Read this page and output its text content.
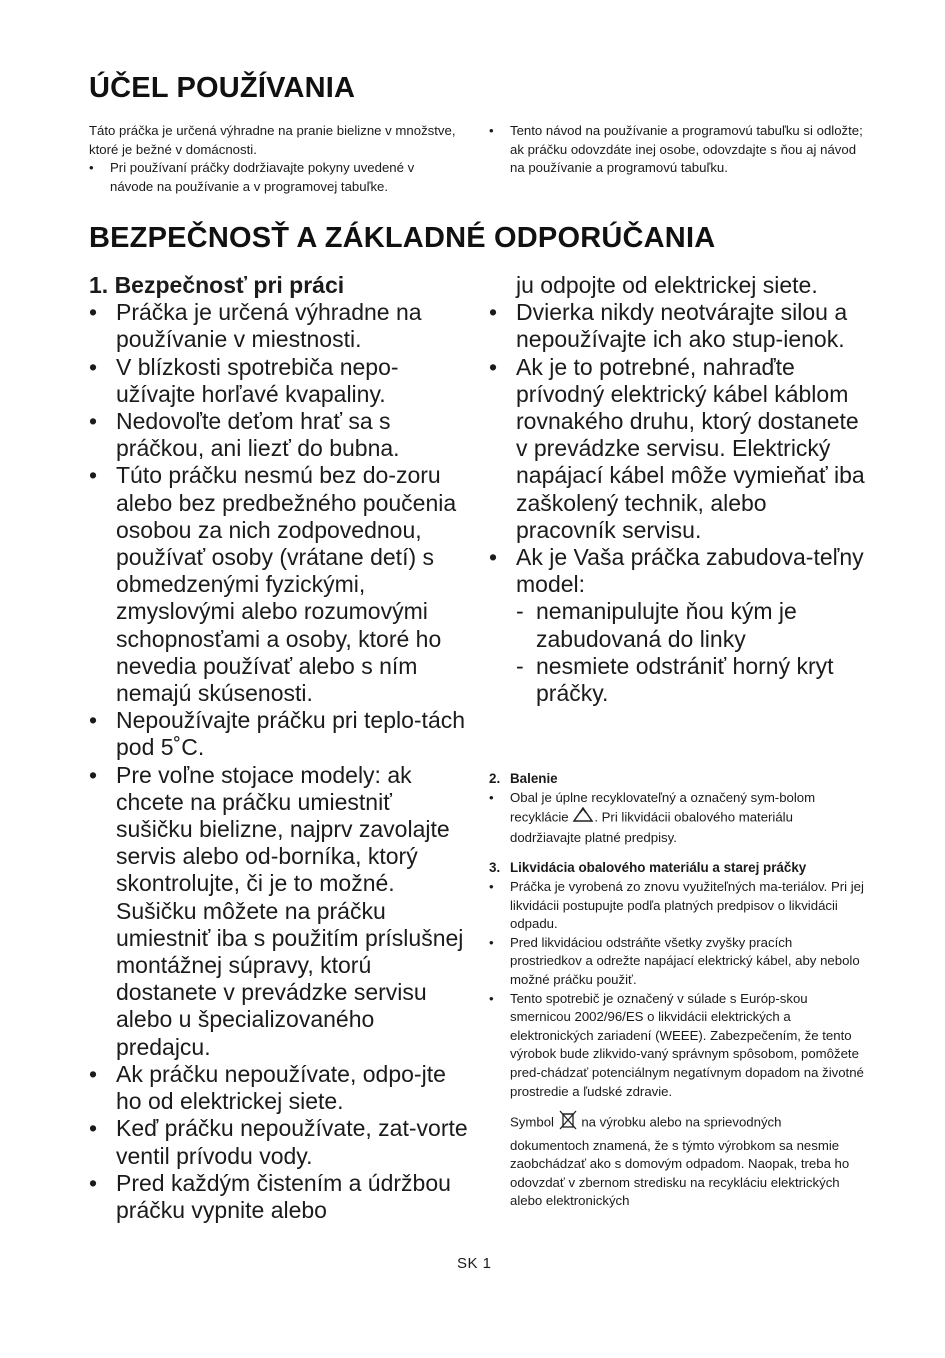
ÚČEL POUŽÍVANIA

Táto práčka je určená výhradne na pranie bielizne v množstve, ktoré je bežné v domácnosti.

• Pri používaní práčky dodržiavajte pokyny uvedené v návode na používanie a v programovej tabuľke.
• Tento návod na používanie a programovú tabuľku si odložte; ak práčku odovzdáte inej osobe, odovzdajte s ňou aj návod na používanie a programovú tabuľku.
BEZPEČNOSŤ A ZÁKLADNÉ ODPORÚČANIA
1. Bezpečnosť pri práci
• Práčka je určená výhradne na používanie v miestnosti.
• V blízkosti spotrebiča nepo-užívajte horľavé kvapaliny.
• Nedovoľte deťom hrať sa s práčkou, ani liezť do bubna.
• Túto práčku nesmú bez do-zoru alebo bez predbežného poučenia osobou za nich zodpovednou, používať osoby (vrátane detí) s obmedzenými fyzickými, zmyslovými alebo rozumovými schopnosťami a osoby, ktoré ho nevedia používať alebo s ním nemajú skúsenosti.
• Nepoužívajte práčku pri teplo-tách pod 5˚C.
• Pre voľne stojace modely: ak chcete na práčku umiestniť sušičku bielizne, najprv zavolajte servis alebo od-borníka, ktorý skontrolujte, či je to možné. Sušičku môžete na práčku umiestniť iba s použitím príslušnej montážnej súpravy, ktorú dostanete v prevádzke servisu alebo u špecializovaného predajcu.
• Ak práčku nepoužívate, odpo-jte ho od elektrickej siete.
• Keď práčku nepoužívate, zat-vorte ventil prívodu vody.
• Pred každým čistením a údržbou práčku vypnite alebo
ju odpojte od elektrickej siete.
• Dvierka nikdy neotvárajte silou a nepoužívajte ich ako stup-ienok.
• Ak je to potrebné, nahraďte prívodný elektrický kábel káblom rovnakého druhu, ktorý dostanete v prevádzke servisu. Elektrický napájací kábel môže vymieňať iba zaškolený technik, alebo pracovník servisu.
• Ak je Vaša práčka zabudova-teľny model:
- nemanipulujte ňou kým je zabudovaná do linky
- nesmiete odstrániť horný kryt práčky.

2. Balenie

• Obal je úplne recyklovateľný a označený sym-bolom recyklácie . Pri likvidácii obalového materiálu dodržiavajte platné predpisy.

3. Likvidácia obalového materiálu a starej práčky

• Práčka je vyrobená zo znovu využiteľných ma-teriálov. Pri jej likvidácii postupujte podľa platných predpisov o likvidácii odpadu.
• Pred likvidáciou odstráňte všetky zvyšky pracích prostriedkov a odrežte napájací elektrický kábel, aby nebolo možné práčku použiť.
• Tento spotrebič je označený v súlade s Európ-skou smernicou 2002/96/ES o likvidácii elektrických a elektronických zariadení (WEEE). Zabezpečením, že tento výrobok bude zlikvido-vaný správnym spôsobom, pomôžete pred-chádzať potenciálnym negatívnym dopadom na životné prostredie a ľudské zdravie.
Symbol na výrobku alebo na sprievodných dokumentoch znamená, že s týmto výrobkom sa nesmie zaobchádzať ako s domovým odpadom. Naopak, treba ho odovzdať v zbernom stredisku na recykláciu elektrických alebo elektronických
SK 1
